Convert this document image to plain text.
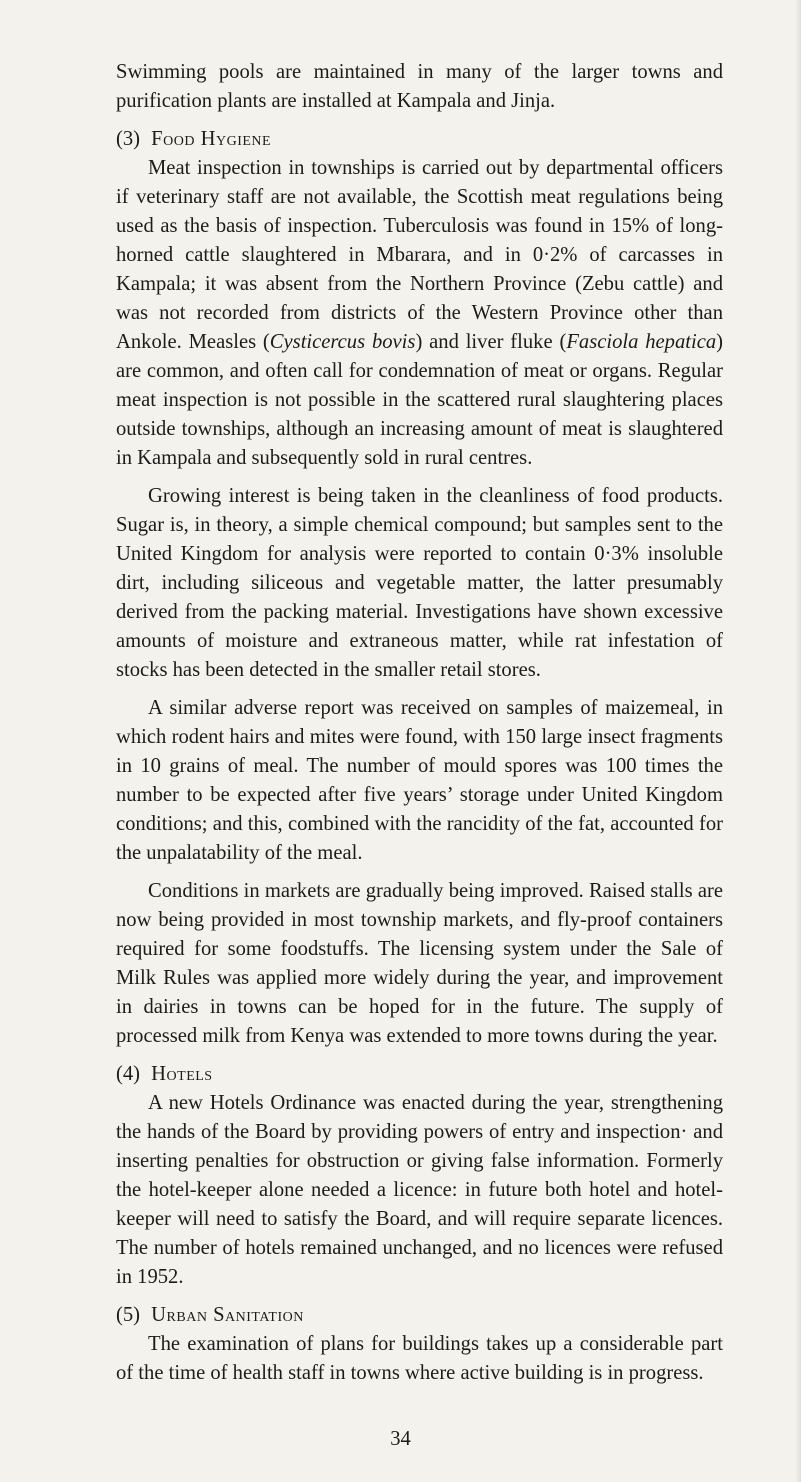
Swimming pools are maintained in many of the larger towns and purification plants are installed at Kampala and Jinja.

(3) Food Hygiene

Meat inspection in townships is carried out by departmental officers if veterinary staff are not available, the Scottish meat regulations being used as the basis of inspection. Tuberculosis was found in 15% of long-horned cattle slaughtered in Mbarara, and in 0·2% of carcasses in Kampala; it was absent from the Northern Province (Zebu cattle) and was not recorded from districts of the Western Province other than Ankole. Measles (Cysticercus bovis) and liver fluke (Fasciola hepatica) are common, and often call for condemnation of meat or organs. Regular meat inspection is not possible in the scattered rural slaughtering places outside townships, although an increasing amount of meat is slaughtered in Kampala and subsequently sold in rural centres.

Growing interest is being taken in the cleanliness of food products. Sugar is, in theory, a simple chemical compound; but samples sent to the United Kingdom for analysis were reported to contain 0·3% insoluble dirt, including siliceous and vegetable matter, the latter presumably derived from the packing material. Investigations have shown excessive amounts of moisture and extraneous matter, while rat infestation of stocks has been detected in the smaller retail stores.

A similar adverse report was received on samples of maizemeal, in which rodent hairs and mites were found, with 150 large insect fragments in 10 grains of meal. The number of mould spores was 100 times the number to be expected after five years’ storage under United Kingdom conditions; and this, combined with the rancidity of the fat, accounted for the unpalatability of the meal.

Conditions in markets are gradually being improved. Raised stalls are now being provided in most township markets, and fly-proof containers required for some foodstuffs. The licensing system under the Sale of Milk Rules was applied more widely during the year, and improvement in dairies in towns can be hoped for in the future. The supply of processed milk from Kenya was extended to more towns during the year.

(4) Hotels

A new Hotels Ordinance was enacted during the year, strengthening the hands of the Board by providing powers of entry and inspection· and inserting penalties for obstruction or giving false information. Formerly the hotel-keeper alone needed a licence: in future both hotel and hotel-keeper will need to satisfy the Board, and will require separate licences. The number of hotels remained unchanged, and no licences were refused in 1952.

(5) Urban Sanitation

The examination of plans for buildings takes up a considerable part of the time of health staff in towns where active building is in progress.

34
